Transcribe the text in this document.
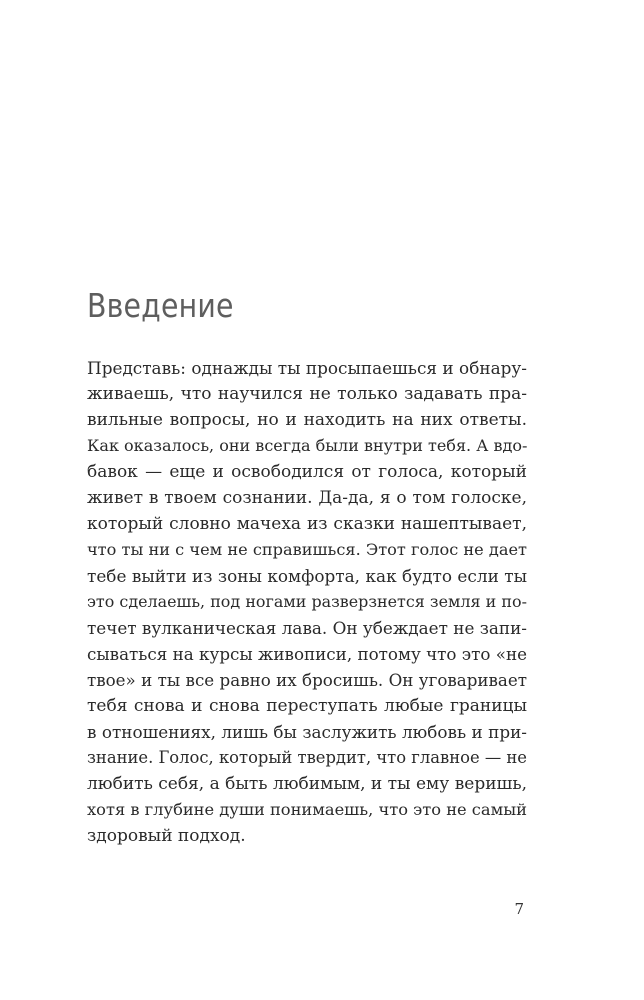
Введение
Представь: однажды ты просыпаешься и обнару-
живаешь, что научился не только задавать пра-
вильные вопросы, но и находить на них ответы.
Как оказалось, они всегда были внутри тебя. А вдо-
бавок — еще и освободился от голоса, который
живет в твоем сознании. Да-да, я о том голоске,
который словно мачеха из сказки нашептывает,
что ты ни с чем не справишься. Этот голос не дает
тебе выйти из зоны комфорта, как будто если ты
это сделаешь, под ногами разверзнется земля и по-
течет вулканическая лава. Он убеждает не запи-
сываться на курсы живописи, потому что это «не
твое» и ты все равно их бросишь. Он уговаривает
тебя снова и снова переступать любые границы
в отношениях, лишь бы заслужить любовь и при-
знание. Голос, который твердит, что главное — не
любить себя, а быть любимым, и ты ему веришь,
хотя в глубине души понимаешь, что это не самый
здоровый подход.
7
